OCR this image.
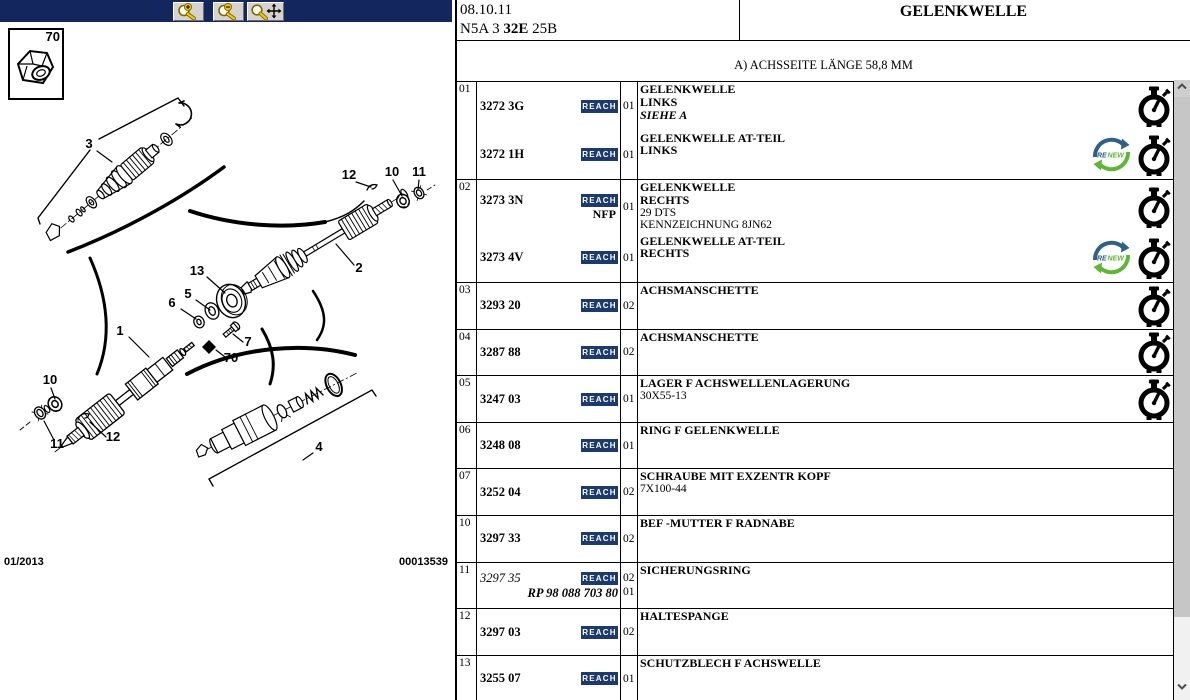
70
3
12 10 11
2
13
5
6
1
7
70
10
11	12
4
01/2013	00013539
08.10.11
N5A 3 32E 25B
GELENKWELLE
A) ACHSSEITE LÄNGE 58,8 MM
01
3272 3G	REACH 01
GELENKWELLE
LINKS
SIEHE A
3272 1H	REACH 01
GELENKWELLE AT-TEIL
LINKS	RE NEW
02
3273 3N	REACH
NFP 01
GELENKWELLE
RECHTS
29 DTS
KENNZEICHNUNG 8JN62
3273 4V	REACH 01
GELENKWELLE AT-TEIL
RECHTS	RE NEW
03
3293 20	REACH 02
ACHSMANSCHETTE
04
3287 88	REACH 02
ACHSMANSCHETTE
05
3247 03	REACH 01
LAGER F ACHSWELLENLAGERUNG
30X55-13
06
3248 08	REACH 01
RING F GELENKWELLE
07
3252 04	REACH 02
SCHRAUBE MIT EXZENTR KOPF
7X100-44
10
3297 33	REACH 02
BEF -MUTTER F RADNABE
11
3297 35	REACH
RP 98 088 703 80
02
01
SICHERUNGSRING
12
3297 03	REACH 02
HALTESPANGE
13
3255 07	REACH 01
SCHUTZBLECH F ACHSWELLE
